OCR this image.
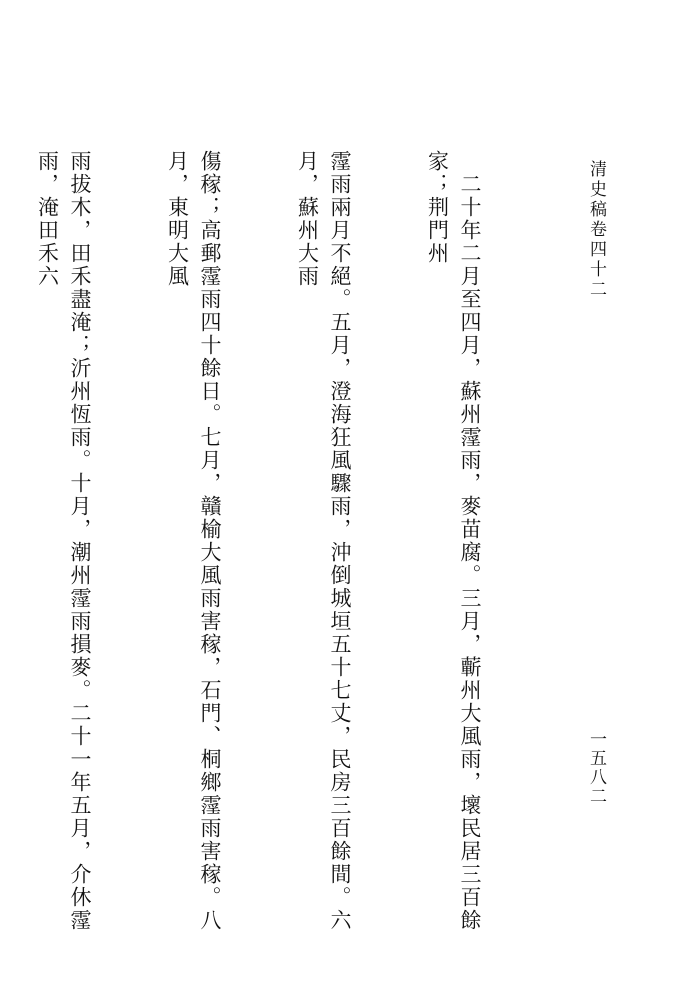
清史稿卷四十二
一五八二

　二十年二月至四月，蘇州霪雨，麥苗腐。三月，蘄州大風雨，壞民居三百餘家；荆門州

霪雨兩月不絕。五月，澄海狂風驟雨，沖倒城垣五十七丈，民房三百餘間。六月，蘇州大雨

傷稼；高郵霪雨四十餘日。七月，贛榆大風雨害稼，石門、桐鄉霪雨害稼。八月，東明大風

雨拔木，田禾盡淹；沂州恆雨。十月，潮州霪雨損麥。二十一年五月，介休霪雨，淹田禾六
